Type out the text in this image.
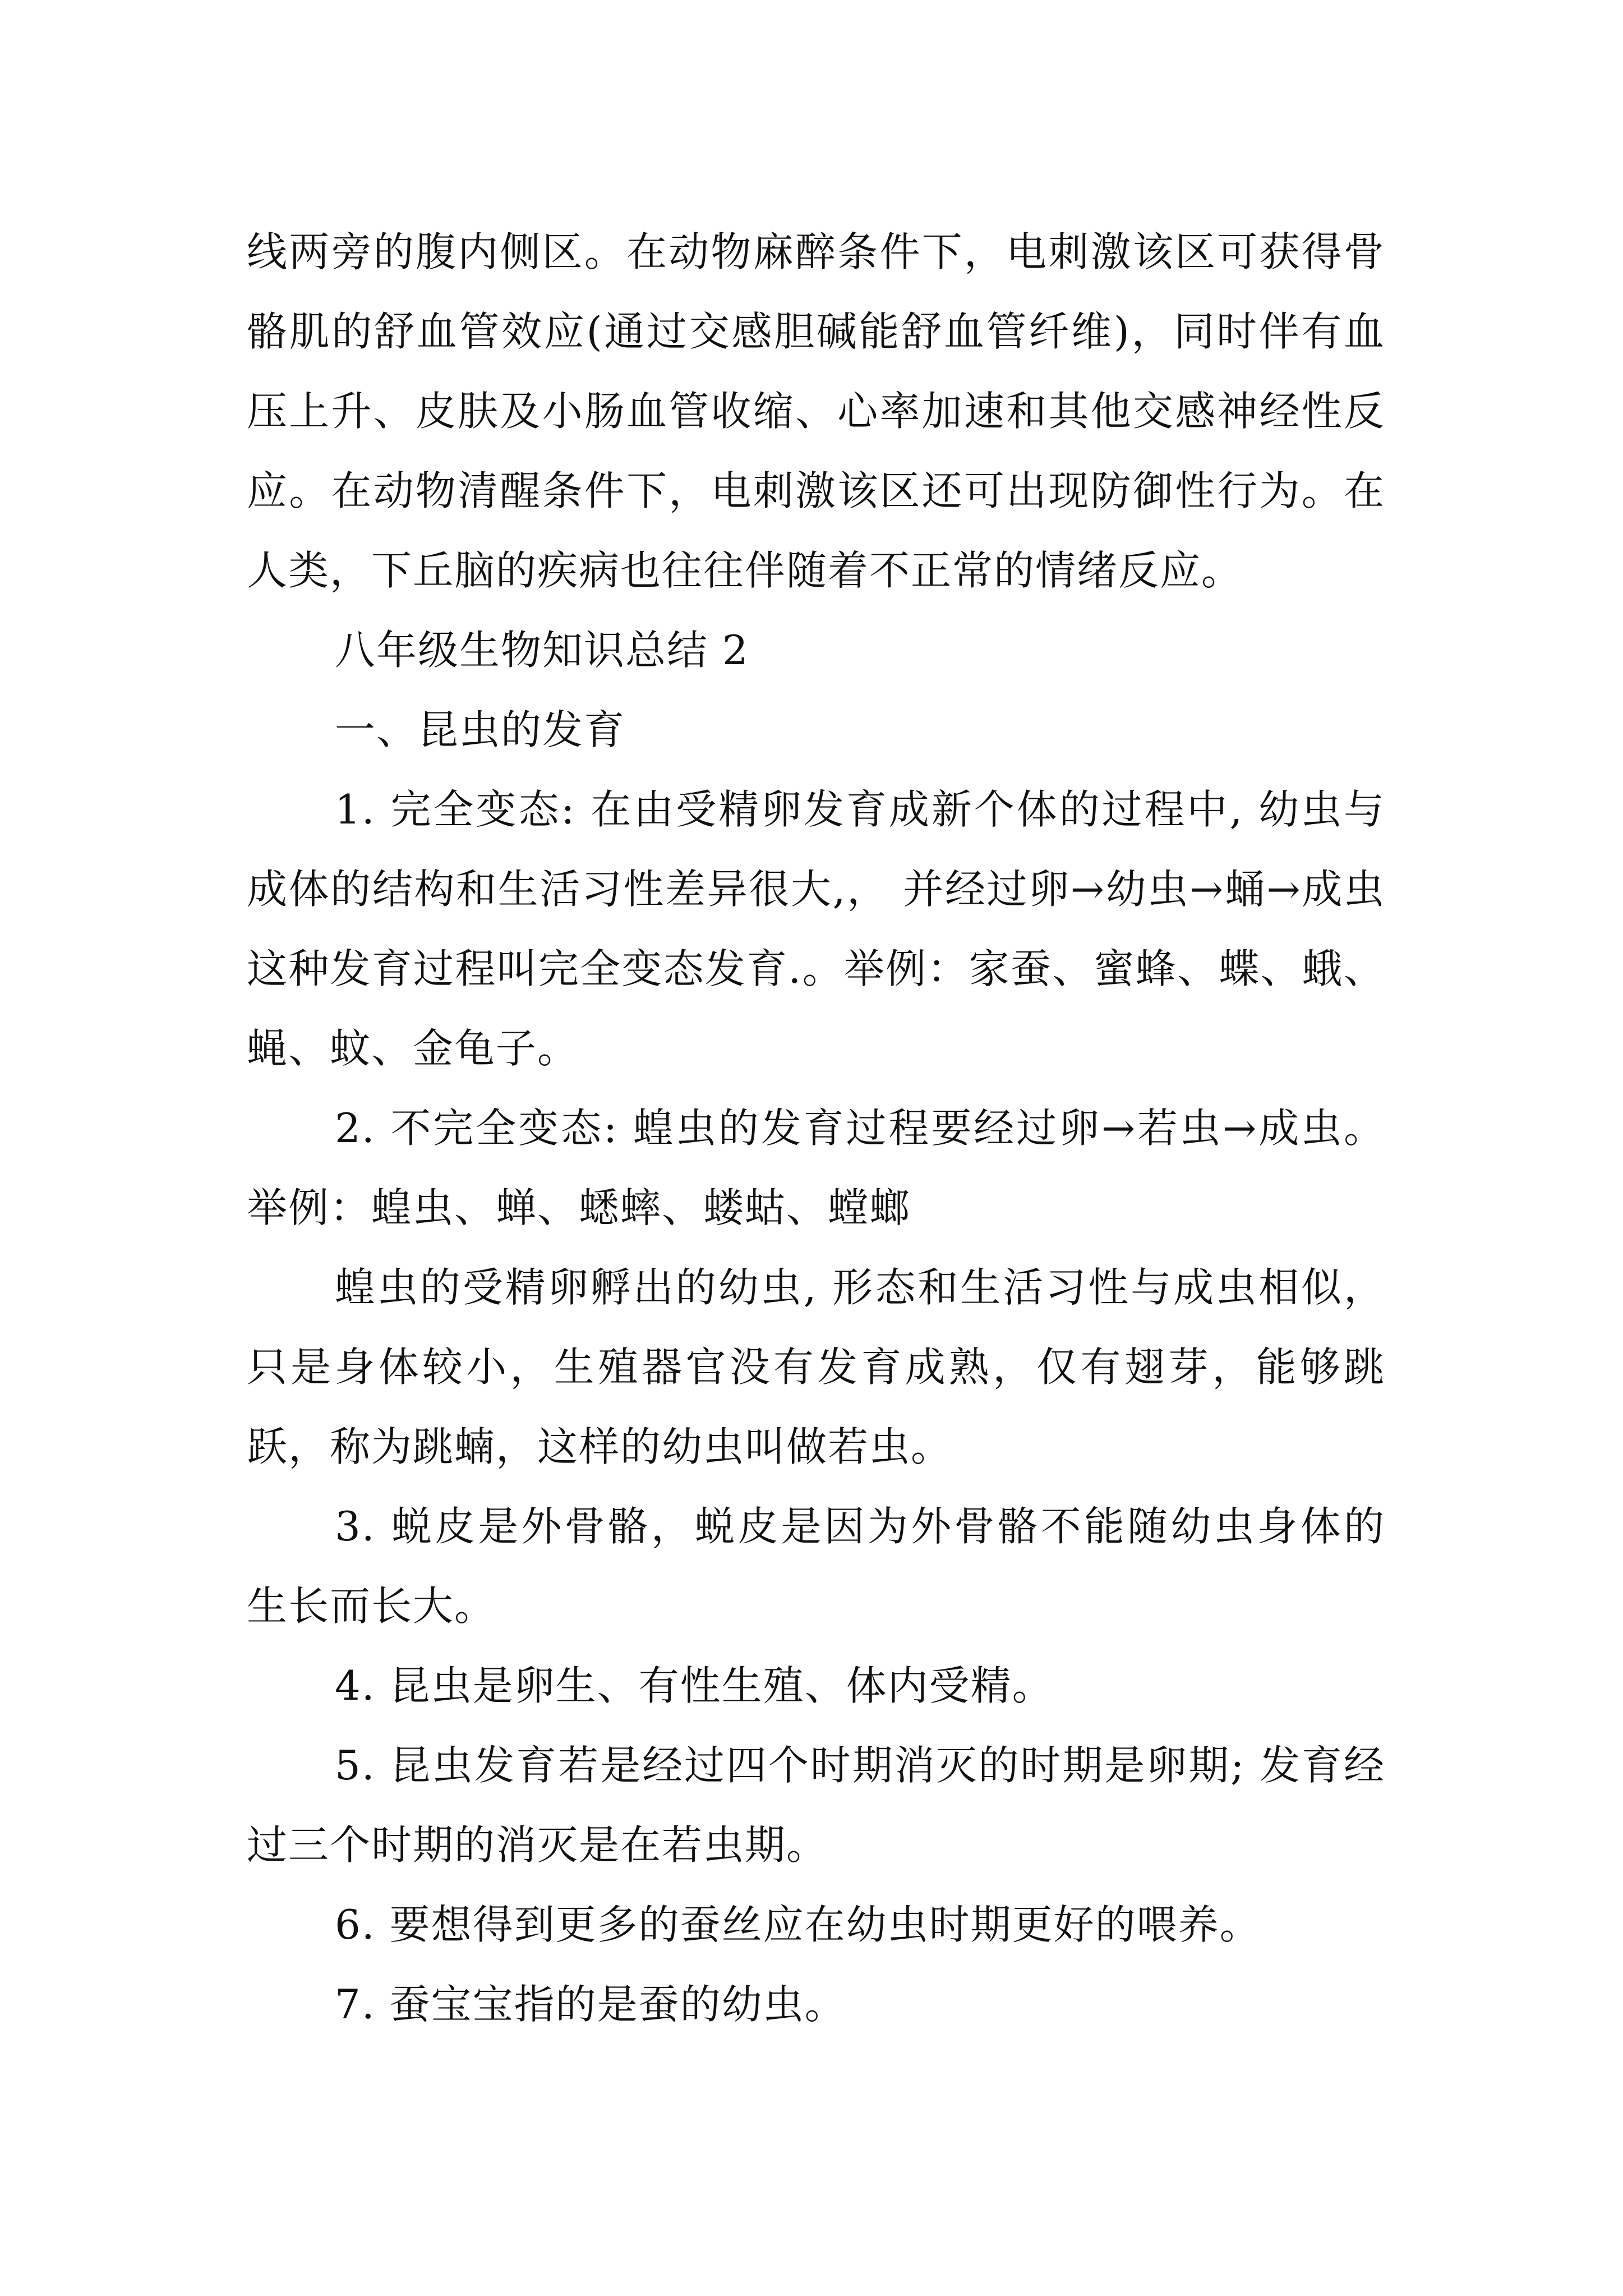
线两旁的腹内侧区。在动物麻醉条件下，电刺激该区可获得骨骼肌的舒血管效应(通过交感胆碱能舒血管纤维)，同时伴有血压上升、皮肤及小肠血管收缩、心率加速和其他交感神经性反应。在动物清醒条件下，电刺激该区还可出现防御性行为。在人类，下丘脑的疾病也往往伴随着不正常的情绪反应。

八年级生物知识总结 2

一、昆虫的发育

1. 完全变态: 在由受精卵发育成新个体的过程中, 幼虫与成体的结构和生活习性差异很大,， 并经过卵→幼虫→蛹→成虫这种发育过程叫完全变态发育.。举例：家蚕、蜜蜂、蝶、蛾、蝇、蚊、金龟子。

2. 不完全变态: 蝗虫的发育过程要经过卵→若虫→成虫。举例：蝗虫、蝉、蟋蟀、蝼蛄、螳螂

蝗虫的受精卵孵出的幼虫, 形态和生活习性与成虫相似，只是身体较小，生殖器官没有发育成熟，仅有翅芽，能够跳跃，称为跳蝻，这样的幼虫叫做若虫。

3. 蜕皮是外骨骼，蜕皮是因为外骨骼不能随幼虫身体的生长而长大。

4. 昆虫是卵生、有性生殖、体内受精。

5. 昆虫发育若是经过四个时期消灭的时期是卵期; 发育经过三个时期的消灭是在若虫期。

6. 要想得到更多的蚕丝应在幼虫时期更好的喂养。

7. 蚕宝宝指的是蚕的幼虫。
